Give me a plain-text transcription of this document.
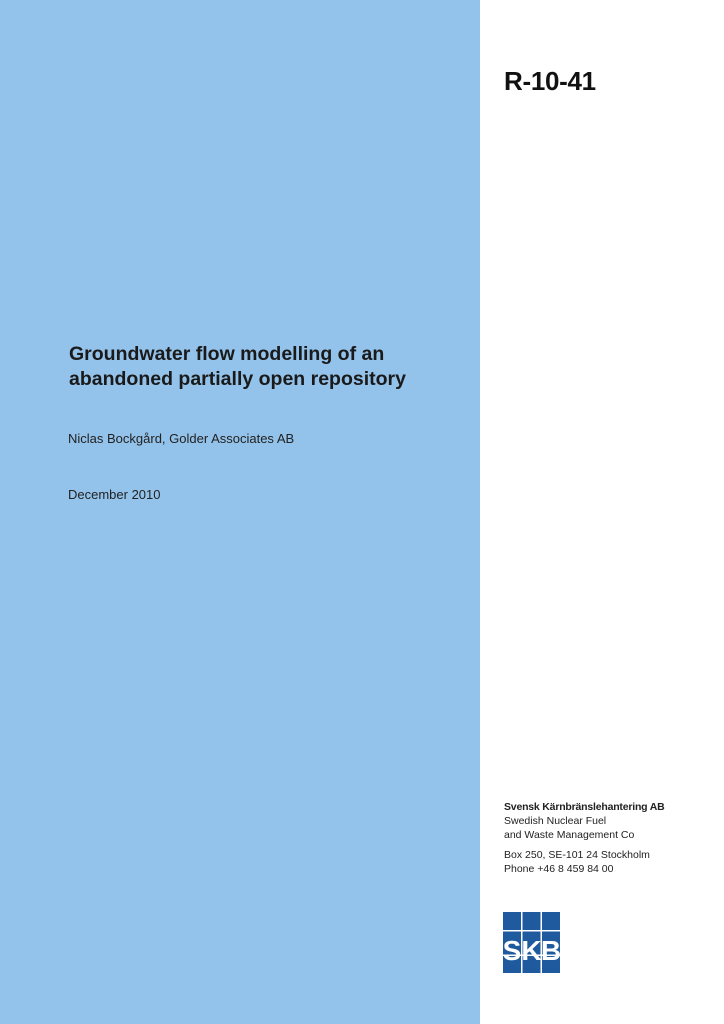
R-10-41
Groundwater flow modelling of an
abandoned partially open repository
Niclas Bockgård, Golder Associates AB
December 2010
Svensk Kärnbränslehantering AB
Swedish Nuclear Fuel
and Waste Management Co
Box 250, SE-101 24 Stockholm
Phone +46 8 459 84 00
S K B
